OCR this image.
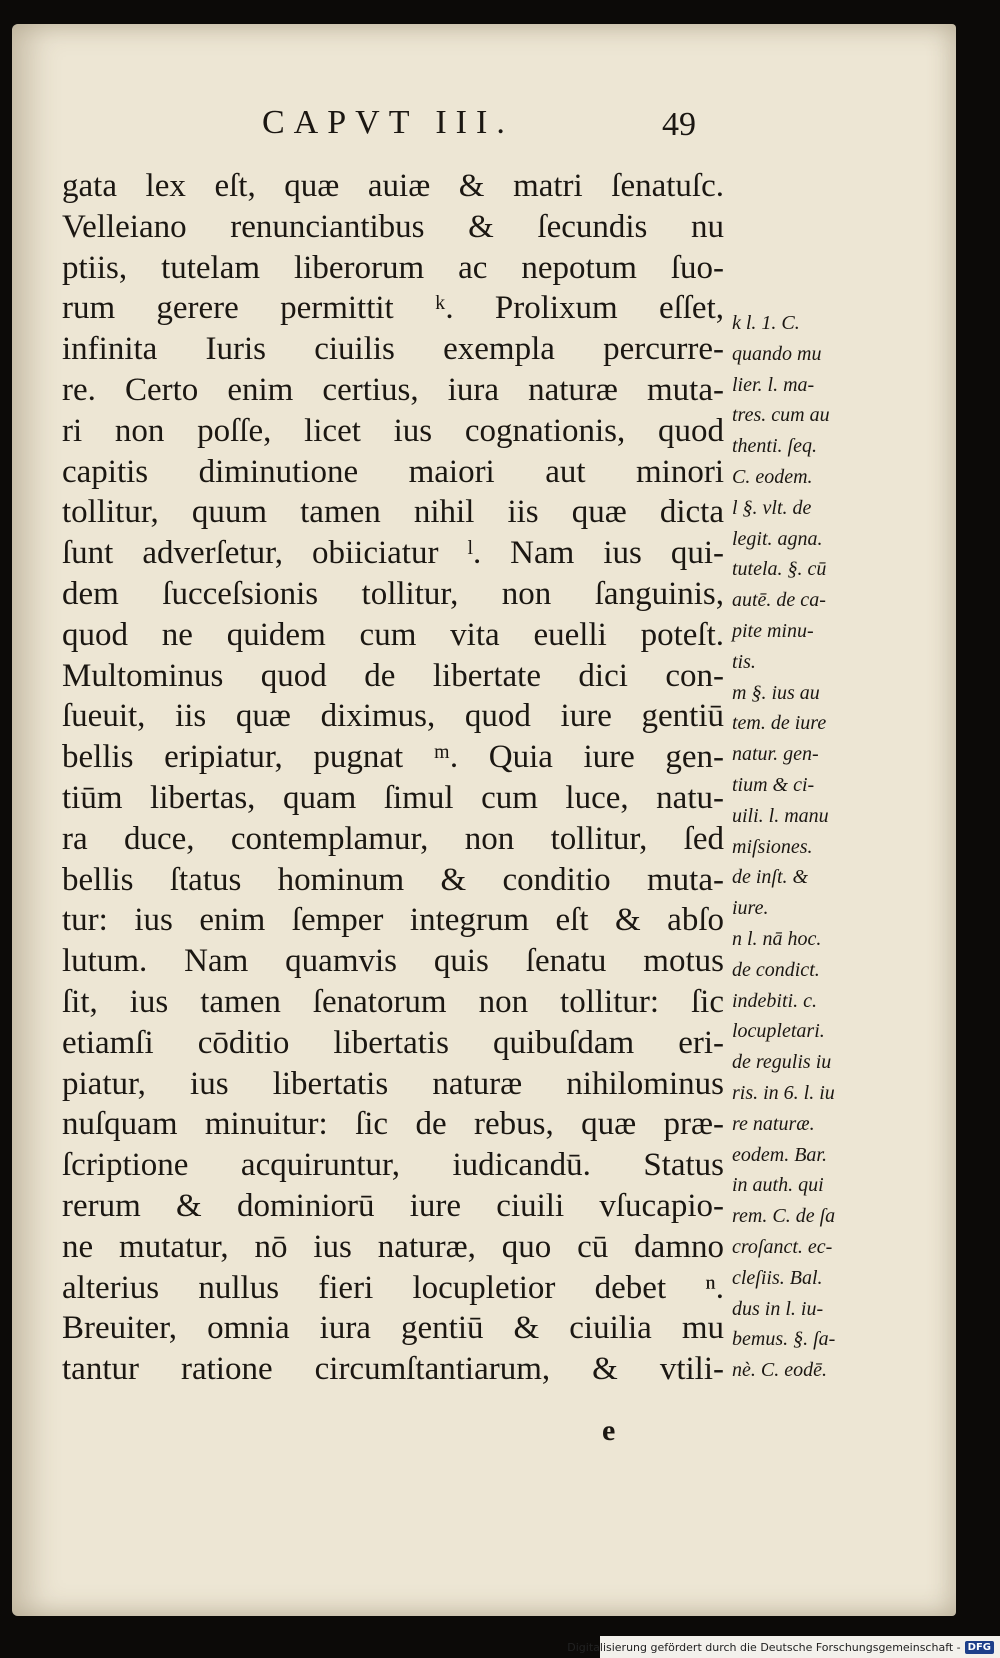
CAPVT III.	49
gata lex eſt, quæ auiæ & matri ſenatuſc.
Velleiano renunciantibus & ſecundis nu
ptiis, tutelam liberorum ac nepotum ſuo-
rum gerere permittit ᵏ. Prolixum eſſet,
infinita Iuris ciuilis exempla percurre-
re. Certo enim certius, iura naturæ muta-
ri non poſſe, licet ius cognationis, quod
capitis diminutione maiori aut minori
tollitur, quum tamen nihil iis quæ dicta
ſunt adverſetur, obiiciatur ˡ. Nam ius qui-
dem ſucceſsionis tollitur, non ſanguinis,
quod ne quidem cum vita euelli poteſt.
Multominus quod de libertate dici con-
ſueuit, iis quæ diximus, quod iure gentiū
bellis eripiatur, pugnat ᵐ. Quia iure gen-
tiūm libertas, quam ſimul cum luce, natu-
ra duce, contemplamur, non tollitur, ſed
bellis ſtatus hominum & conditio muta-
tur: ius enim ſemper integrum eſt & abſo
lutum. Nam quamvis quis ſenatu motus
ſit, ius tamen ſenatorum non tollitur: ſic
etiamſi cōditio libertatis quibuſdam eri-
piatur, ius libertatis naturæ nihilominus
nuſquam minuitur: ſic de rebus, quæ præ-
ſcriptione acquiruntur, iudicandū. Status
rerum & dominiorū iure ciuili vſucapio-
ne mutatur, nō ius naturæ, quo cū damno
alterius nullus fieri locupletior debet ⁿ.
Breuiter, omnia iura gentiū & ciuilia mu
tantur ratione circumſtantiarum, & vtili-
k l. 1. C.
quando mu
lier. l. ma-
tres. cum au
thenti. ſeq.
C. eodem.
l §. vlt. de
legit. agna.
tutela. §. cū
autē. de ca-
pite minu-
tis.
m §. ius au
tem. de iure
natur. gen-
tium & ci-
uili. l. manu
miſsiones.
de inſt. &
iure.
n l. nā hoc.
de condict.
indebiti. c.
locupletari.
de regulis iu
ris. in 6. l. iu
re naturæ.
eodem. Bar.
in auth. qui
rem. C. de ſa
croſanct. ec-
cleſiis. Bal.
dus in l. iu-
bemus. §. ſa-
nè. C. eodē.
e
Digitalisierung gefördert durch die Deutsche Forschungsgemeinschaft - DFG
